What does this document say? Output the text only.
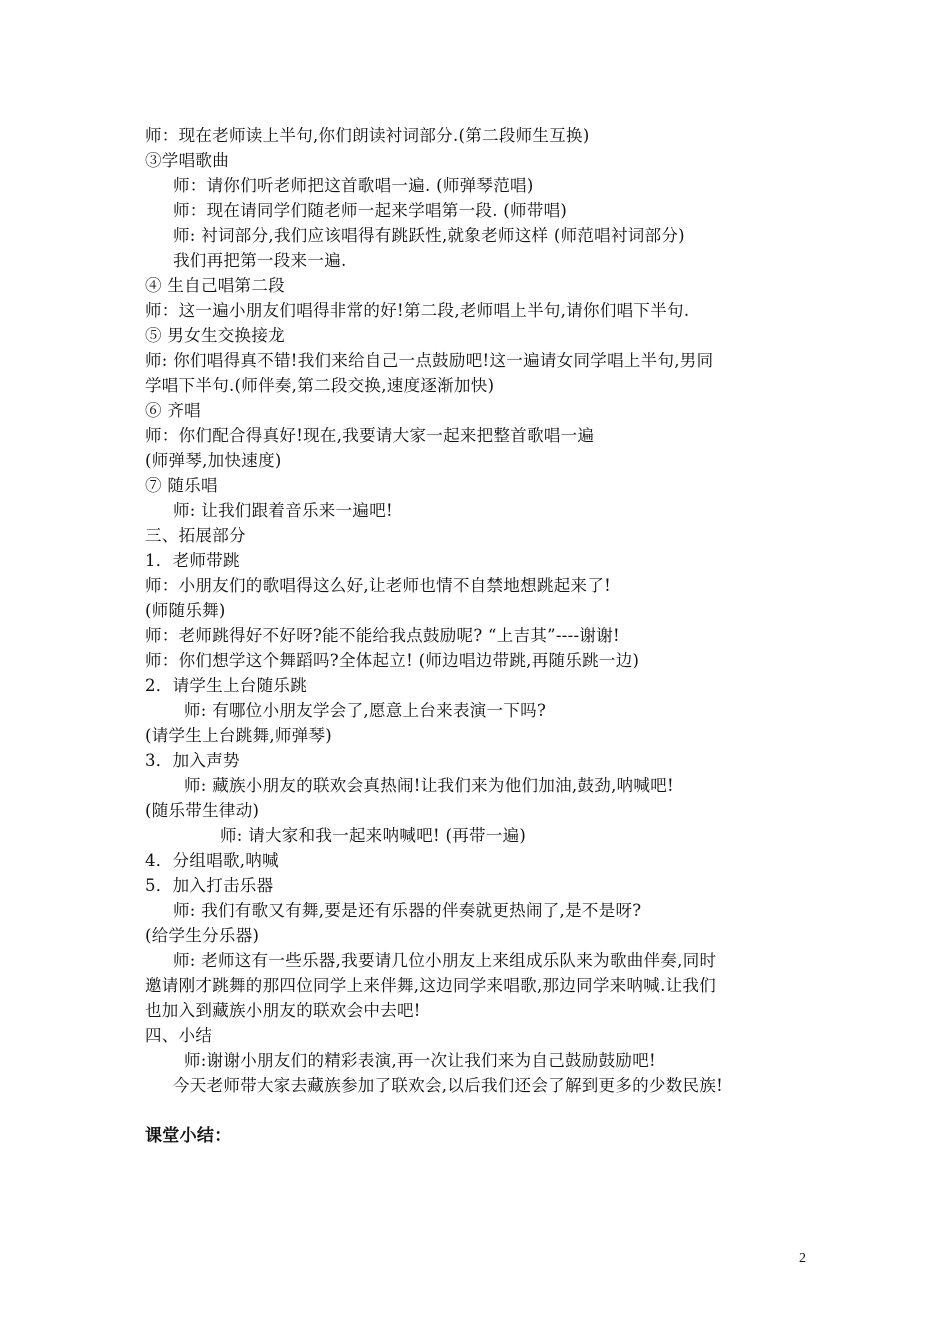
师：现在老师读上半句,你们朗读衬词部分.(第二段师生互换)
③学唱歌曲
师：请你们听老师把这首歌唱一遍. (师弹琴范唱)
师：现在请同学们随老师一起来学唱第一段. (师带唱)
师: 衬词部分,我们应该唱得有跳跃性,就象老师这样 (师范唱衬词部分)
我们再把第一段来一遍.
④ 生自己唱第二段
师：这一遍小朋友们唱得非常的好!第二段,老师唱上半句,请你们唱下半句.
⑤ 男女生交换接龙
师: 你们唱得真不错!我们来给自己一点鼓励吧!这一遍请女同学唱上半句,男同
学唱下半句.(师伴奏,第二段交换,速度逐渐加快)
⑥ 齐唱
师：你们配合得真好!现在,我要请大家一起来把整首歌唱一遍
(师弹琴,加快速度)
⑦ 随乐唱
师: 让我们跟着音乐来一遍吧!
三、拓展部分
1．老师带跳
师：小朋友们的歌唱得这么好,让老师也情不自禁地想跳起来了!
(师随乐舞)
师：老师跳得好不好呀?能不能给我点鼓励呢? “上吉其”----谢谢!
师：你们想学这个舞蹈吗?全体起立! (师边唱边带跳,再随乐跳一边)
2．请学生上台随乐跳
师: 有哪位小朋友学会了,愿意上台来表演一下吗?
(请学生上台跳舞,师弹琴)
3．加入声势
师: 藏族小朋友的联欢会真热闹!让我们来为他们加油,鼓劲,呐喊吧!
(随乐带生律动)
师: 请大家和我一起来呐喊吧! (再带一遍)
4．分组唱歌,呐喊
5．加入打击乐器
师: 我们有歌又有舞,要是还有乐器的伴奏就更热闹了,是不是呀?
(给学生分乐器)
师: 老师这有一些乐器,我要请几位小朋友上来组成乐队来为歌曲伴奏,同时
邀请刚才跳舞的那四位同学上来伴舞,这边同学来唱歌,那边同学来呐喊.让我们
也加入到藏族小朋友的联欢会中去吧!
四、小结
师:谢谢小朋友们的精彩表演,再一次让我们来为自己鼓励鼓励吧!
今天老师带大家去藏族参加了联欢会,以后我们还会了解到更多的少数民族!
课堂小结：
2
